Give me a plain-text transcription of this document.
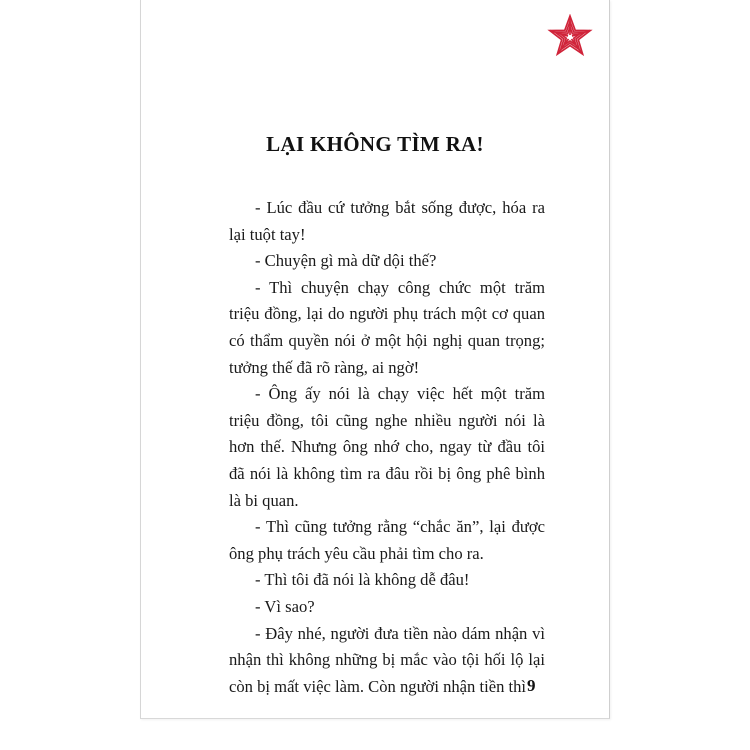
LẠI KHÔNG TÌM RA!

- Lúc đầu cứ tưởng bắt sống được, hóa ra lại tuột tay!

- Chuyện gì mà dữ dội thế?

- Thì chuyện chạy công chức một trăm triệu đồng, lại do người phụ trách một cơ quan có thẩm quyền nói ở một hội nghị quan trọng; tưởng thế đã rõ ràng, ai ngờ!

- Ông ấy nói là chạy việc hết một trăm triệu đồng, tôi cũng nghe nhiều người nói là hơn thế. Nhưng ông nhớ cho, ngay từ đầu tôi đã nói là không tìm ra đâu rồi bị ông phê bình là bi quan.

- Thì cũng tưởng rằng “chắc ăn”, lại được ông phụ trách yêu cầu phải tìm cho ra.

- Thì tôi đã nói là không dễ đâu!

- Vì sao?

- Đây nhé, người đưa tiền nào dám nhận vì nhận thì không những bị mắc vào tội hối lộ lại còn bị mất việc làm. Còn người nhận tiền thì 9
